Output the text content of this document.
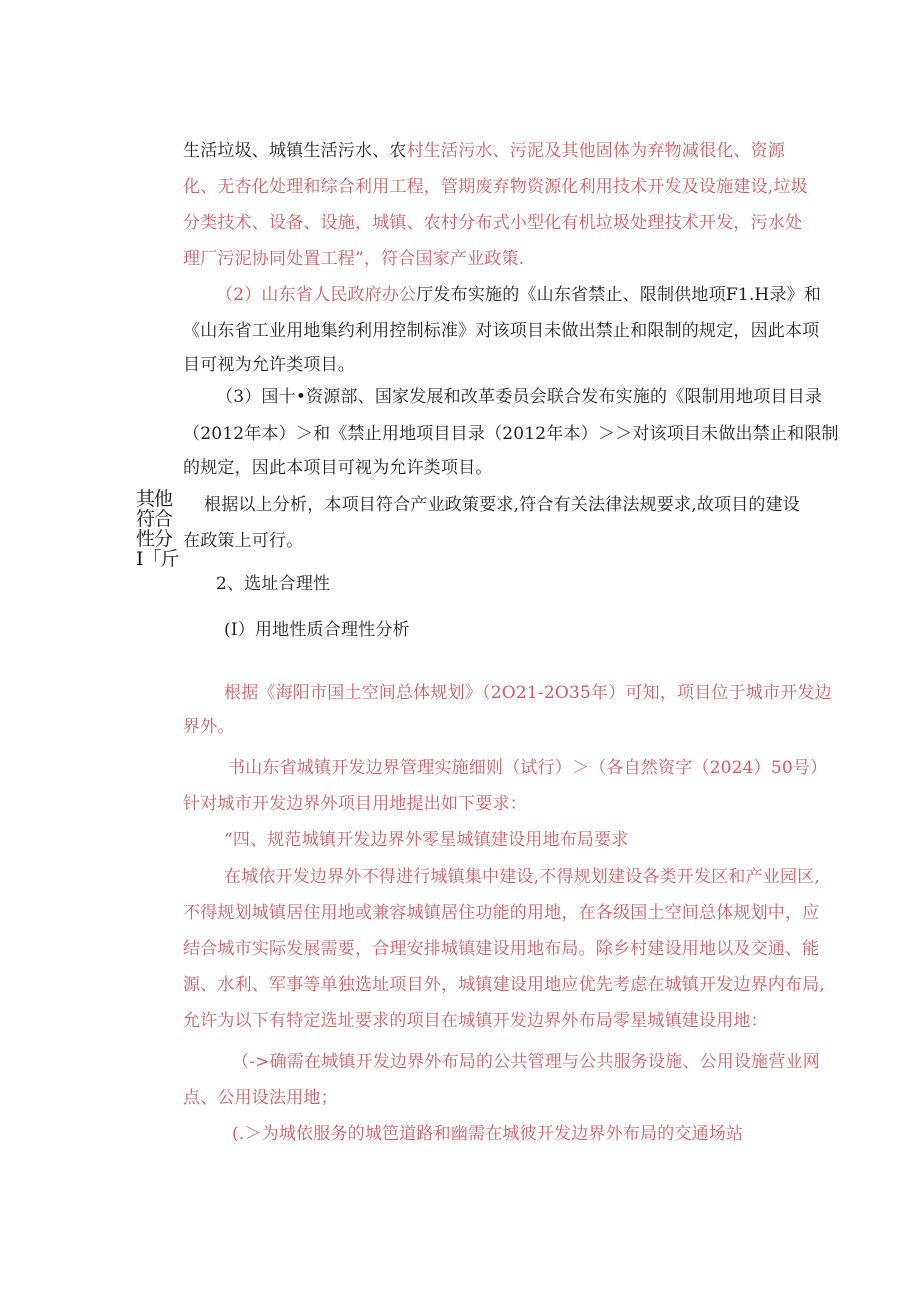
生活垃圾、城镇生活污水、农村生活污水、污泥及其他固体为弃物减很化、资源
化、无杏化处理和综合利用工程，管期废弃物资源化利用技术开发及设施建设,垃圾
分类技术、设备、设施，城镇、农村分布式小型化有机垃圾处理技术开发，污水处
理厂污泥协同处置工程”，符合国家产业政策.
（2）山东省人民政府办公厅发布实施的《山东省禁止、限制供地项F1.H录》和
《山东省工业用地集约利用控制标准》对该项目未做出禁止和限制的规定，因此本项
目可视为允许类项目。
（3）国十•资源部、国家发展和改革委员会联合发布实施的《限制用地项目目录
（2012年本）＞和《禁止用地项目目录（2012年本）＞＞对该项目未做出禁止和限制
的规定，因此本项目可视为允许类项目。
其他
符合
性分
I「斤
根据以上分析，本项目符合产业政策要求,符合有关法律法规要求,故项目的建设
在政策上可行。
2、选址合理性
(I）用地性质合理性分析
根据《海阳市国土空间总体规划》（2O21-2O35年）可知，项目位于城市开发边
界外。
书山东省城镇开发边界管理实施细则（试行）＞（各自然资字（2024）50号）
针对城市开发边界外项目用地提出如下要求：
“四、规范城镇开发边界外零星城镇建设用地布局要求
在城依开发边界外不得进行城镇集中建设,不得规划建设各类开发区和产业园区,
不得规划城镇居住用地或兼容城镇居住功能的用地，在各级国土空间总体规划中，应
结合城市实际发展需要，合理安排城镇建设用地布局。除乡村建设用地以及交通、能
源、水利、军事等单独选址项目外，城镇建设用地应优先考虑在城镇开发边界内布局,
允许为以下有特定选址要求的项目在城镇开发边界外布局零星城镇建设用地：
（->确需在城镇开发边界外布局的公共管理与公共服务设施、公用设施营业网
点、公用设法用地；
(.＞为城依服务的城笆道路和幽需在城彼开发边界外布局的交通场站
